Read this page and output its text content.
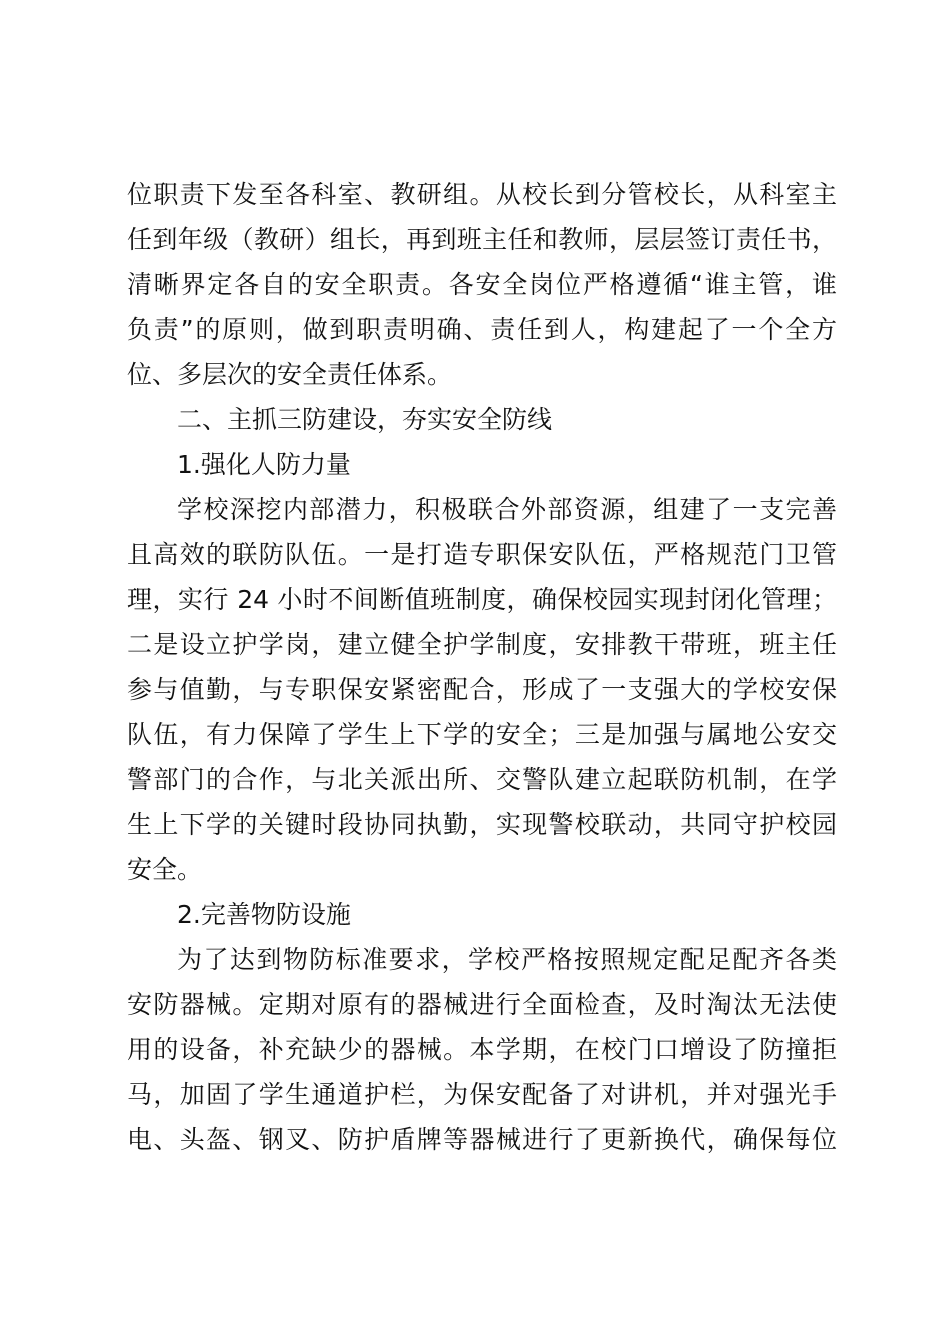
位职责下发至各科室、教研组。从校长到分管校长，从科室主
任到年级（教研）组长，再到班主任和教师，层层签订责任书，
清晰界定各自的安全职责。各安全岗位严格遵循“谁主管，谁
负责”的原则，做到职责明确、责任到人，构建起了一个全方
位、多层次的安全责任体系。
二、主抓三防建设，夯实安全防线
1.强化人防力量
学校深挖内部潜力，积极联合外部资源，组建了一支完善
且高效的联防队伍。一是打造专职保安队伍，严格规范门卫管
理，实行 24 小时不间断值班制度，确保校园实现封闭化管理；
二是设立护学岗，建立健全护学制度，安排教干带班，班主任
参与值勤，与专职保安紧密配合，形成了一支强大的学校安保
队伍，有力保障了学生上下学的安全；三是加强与属地公安交
警部门的合作，与北关派出所、交警队建立起联防机制，在学
生上下学的关键时段协同执勤，实现警校联动，共同守护校园
安全。
2.完善物防设施
为了达到物防标准要求，学校严格按照规定配足配齐各类
安防器械。定期对原有的器械进行全面检查，及时淘汰无法使
用的设备，补充缺少的器械。本学期，在校门口增设了防撞拒
马，加固了学生通道护栏，为保安配备了对讲机，并对强光手
电、头盔、钢叉、防护盾牌等器械进行了更新换代，确保每位
